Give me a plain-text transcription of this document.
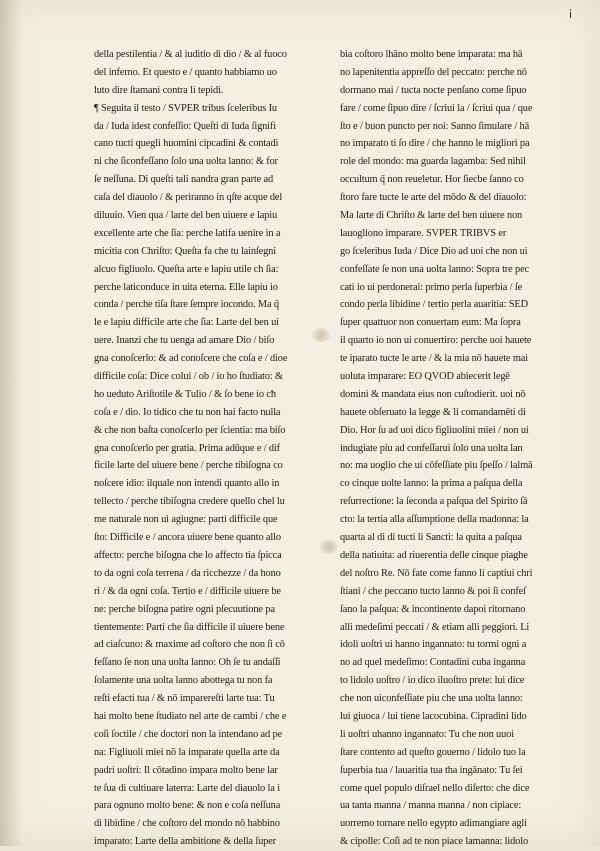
ⅰ
della pestilentia / & al iuditio di dio / & al fuoco
del inferno. Et questo e / quanto habbiamo uo
luto dire ſtamani contra li tepidi.
¶ Seguita il testo / SVPER tribus ſceleribus Iu
da / Iuda idest confeſſio: Queſti di Iuda ſignifi
cano tucti quegli huomini cipcadini & contadi
ni che ſiconfeſſano ſolo una uolta lanno: & for
ſe neſſuna. Di queſti tali nandra gran parte ad
caſa del diauolo / & periranno in qſte acque del
diluuio. Vien qua / larte del ben uiuere e lapiu
excellente arte che ſia: perche latifa uenire in a
micitia con Chriſto: Queſta fa che tu lainſegni
alcuo figliuolo. Queſta arte e lapiu utile ch ſia:
perche laticonduce in uita eterna. Elle lapiu io
conda / perche tiſa ſtare ſempre iocondo. Ma q̃
le e lapiu difficile arte che ſia: Larte del ben ui
uere. Inanzi che tu uenga ad amare Dio / biſo
gna conoſcerlo: & ad conoſcere che coſa e / dioe
difficile coſa: Dice colui / ob / io ho ſtudiato: &
ho ueduto Ariſtotile & Tulio / & ſo bene io cħ
coſa e / dio. Io tidico che tu non hai facto nulla
& che non baſta conoſcerlo per ſcientia: ma biſo
gna conoſcerlo per gratia. Prima adūque e / dif
ficile larte del uiuere bene / perche tibiſogna co
noſcere idio: ilquale non intendi quanto allo in
tellecto / perche tibiſogna credere quello chel lu
me naturale non ui agiugne: parti difficile que
ſto: Difficile e / ancora uiuere bene quanto allo
affecto: perche biſogna che lo affecto tia ſpicca
to da ogni coſa terrena / da ricchezze / da hono
ri / & da ogni coſa. Tertio e / difficile uiuere be
ne: perche biſogna patire ogni pſecuutione pa
tientemente: Parti che ſia difficile il uiuere bene
ad ciaſcuno: & maxime ad coſtoro che non ſi cō
feſſano ſe non una uolta lanno: Oh ſe tu andaſſi
ſolamente una uolta lanno abottega tu non fa
reſti efacti tua / & nō imparereſti larte tua: Tu
hai molto bene ſtudiato nel arte de cambi / che e
coſi ſoctile / che doctori non la intendano ad pe
na: Figliuoli miei nō la imparate quella arte da
padri uoſtri: Il cōtadino impara molto bene lar
te ſua di cultiuare laterra: Larte del diauolo la i
para ognuno molto bene: & non e coſa neſſuna
di libidine / che coſtoro del mondo nō habbino
imparato: Larte della ambitione & della ſuper
bia coſtoro lhāno molto bene imparata: ma hā
no lapenitentia appreſſo del peccato: perche nō
dormano mai / tucta nocte penſano come ſipuo
fare / come ſipuo dire / ſcriui la / ſcriui qua / que
ſto e / buon puncto per noi: Sanno ſimulare / hā
no imparato ti ſo dire / che hanno le migliori pa
role del mondo: ma guarda lagamba: Sed nihil
occultum q̃ non reueletur. Hor ſiecbe ſanno co
ſtoro fare tucte le arte del mōdo & del diauolo:
Ma larte di Chriſto & larte del ben uiuere non
lauogliono imparare. SVPER TRIBVS er
go ſceleribus Iuda / Dice Dio ad uoi che non ui
confeſſate ſe non una uolta lanno: Sopra tre pec
cati io ui perdonerai: primo perla ſuperbia / ſe
condo perla libidine / tertio perla auaritia: SED
ſuper quattuor non conuertam eum: Ma ſopra
il quarto io non ui conuertiro: perche uoi hauete
te iparato tucte le arte / & la mia nō hauete mai
uoluta imparare: EO QVOD abiecerit legē
domini & mandata eius non cuſtodierit. uoi nō
hauete obſeruato la legge & li comandamēti di
Dio. Hor ſu ad uoi dico figliuolini miei / non ui
indugiate piu ad confeſſarui ſolo una uolta lan
no: ma uoglio che ui cōfeſſiate piu ſpeſſo / lalmā
co cinque uolte lanno: la prima a paſqua della
reſurrectione: la ſeconda a paſqua del Spirito ſā
cto: la tertia alla aſſumptione della madonna: la
quarta al di di tucti li Sancti: la quita a paſqua
della natiuita: ad riuerentia delle cinque piaghe
del noſtro Re. Nō fate come fanno li captiui chri
ſtiani / che peccano tucto lanno & poi ſi confeſ
ſano la paſqua: & incontinente dapoi ritornano
alli medeſimi peccati / & etiam alli peggiori. Li
idoli uoſtri ui hanno ingannato: tu tormi ogni a
no ad quel medeſimo: Contadini cuba inganna
to lidolo uoſtro / io dico iluoſtro prete: lui dice
che non uiconfeſſiate piu che una uolta lanno:
lui giuoca / lui tiene lacocubina. Cipradini lido
li uoſtri uhanno ingannato: Tu che non uuoi
ſtare contento ad queſto gouerno / lidolo tuo la
ſuperbia tua / lauaritia tua tha ingānato: Tu ſei
come quel populo diſrael nello diſerto: che dice
ua tanta manna / manna manna / non cipiace:
uorremo tornare nello egypto adimangiare agli
& cipolle: Coſi ad te non piace lamanna: lidolo
